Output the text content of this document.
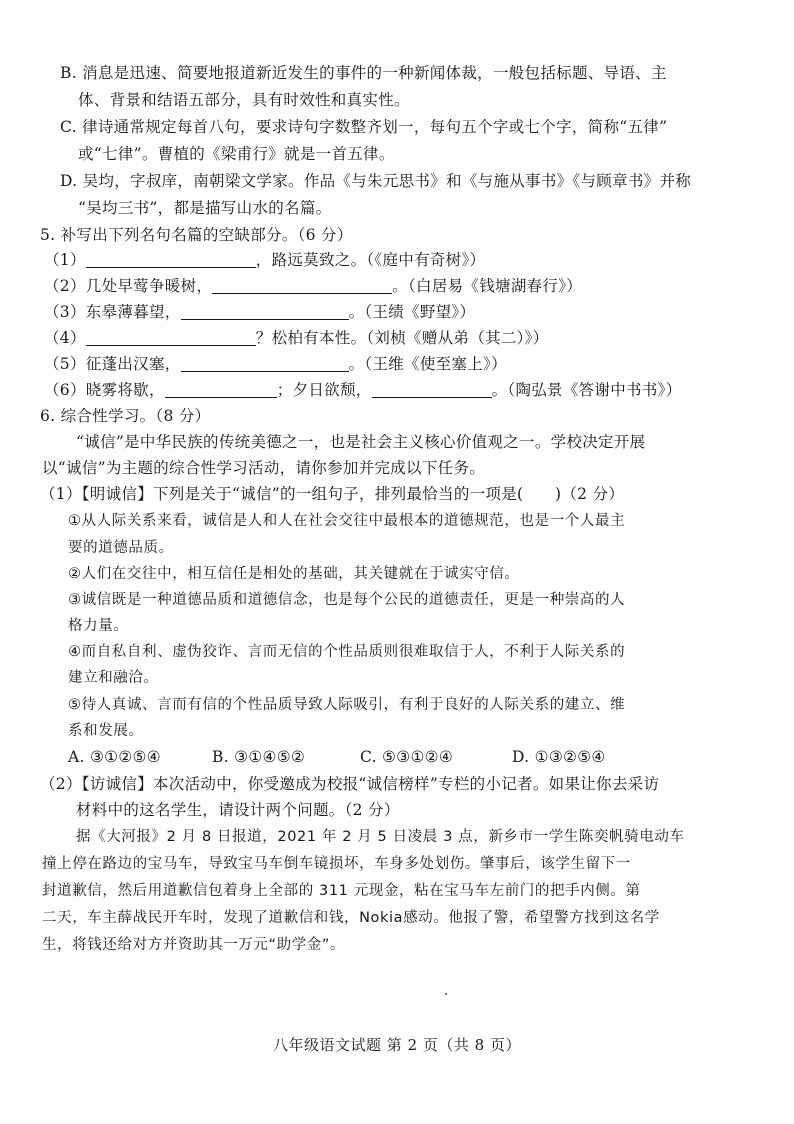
B. 消息是迅速、简要地报道新近发生的事件的一种新闻体裁，一般包括标题、导语、主
体、背景和结语五部分，具有时效性和真实性。
C. 律诗通常规定每首八句，要求诗句字数整齐划一，每句五个字或七个字，简称“五律”
或“七律”。曹植的《梁甫行》就是一首五律。
D. 吴均，字叔庠，南朝梁文学家。作品《与朱元思书》和《与施从事书》《与顾章书》并称
“吴均三书”，都是描写山水的名篇。
5. 补写出下列名句名篇的空缺部分。（6 分）
（1）	，路远莫致之。（《庭中有奇树》）
（2）几处早莺争暖树，	。（白居易《钱塘湖春行》）
（3）东皋薄暮望，	。（王绩《野望》）
（4）	？松柏有本性。（刘桢《赠从弟（其二）》）
（5）征蓬出汉塞，	。（王维《使至塞上》）
（6）晓雾将歇，	；夕日欲颓，	。（陶弘景《答谢中书书》）
6. 综合性学习。（8 分）
“诚信”是中华民族的传统美德之一，也是社会主义核心价值观之一。学校决定开展
以“诚信”为主题的综合性学习活动，请你参加并完成以下任务。
（1）【明诚信】下列是关于“诚信”的一组句子，排列最恰当的一项是(　　)（2 分）
①从人际关系来看，诚信是人和人在社会交往中最根本的道德规范，也是一个人最主
要的道德品质。
②人们在交往中，相互信任是相处的基础，其关键就在于诚实守信。
③诚信既是一种道德品质和道德信念，也是每个公民的道德责任，更是一种崇高的人
格力量。
④而自私自利、虚伪狡诈、言而无信的个性品质则很难取信于人，不利于人际关系的
建立和融洽。
⑤待人真诚、言而有信的个性品质导致人际吸引，有利于良好的人际关系的建立、维
系和发展。
A. ③①②⑤④	B. ③①④⑤②	C. ⑤③①②④	D. ①③②⑤④
（2）【访诚信】本次活动中，你受邀成为校报“诚信榜样”专栏的小记者。如果让你去采访
材料中的这名学生，请设计两个问题。（2 分）
据《大河报》2 月 8 日报道，2021 年 2 月 5 日凌晨 3 点，新乡市一学生陈奕帆骑电动车
撞上停在路边的宝马车，导致宝马车倒车镜损坏，车身多处划伤。肇事后，该学生留下一
封道歉信，然后用道歉信包着身上全部的 311 元现金，粘在宝马车左前门的把手内侧。第
二天，车主薛战民开车时，发现了道歉信和钱，Nokia感动。他报了警，希望警方找到这名学
生，将钱还给对方并资助其一万元“助学金”。
八年级语文试题 第 2 页（共 8 页）
